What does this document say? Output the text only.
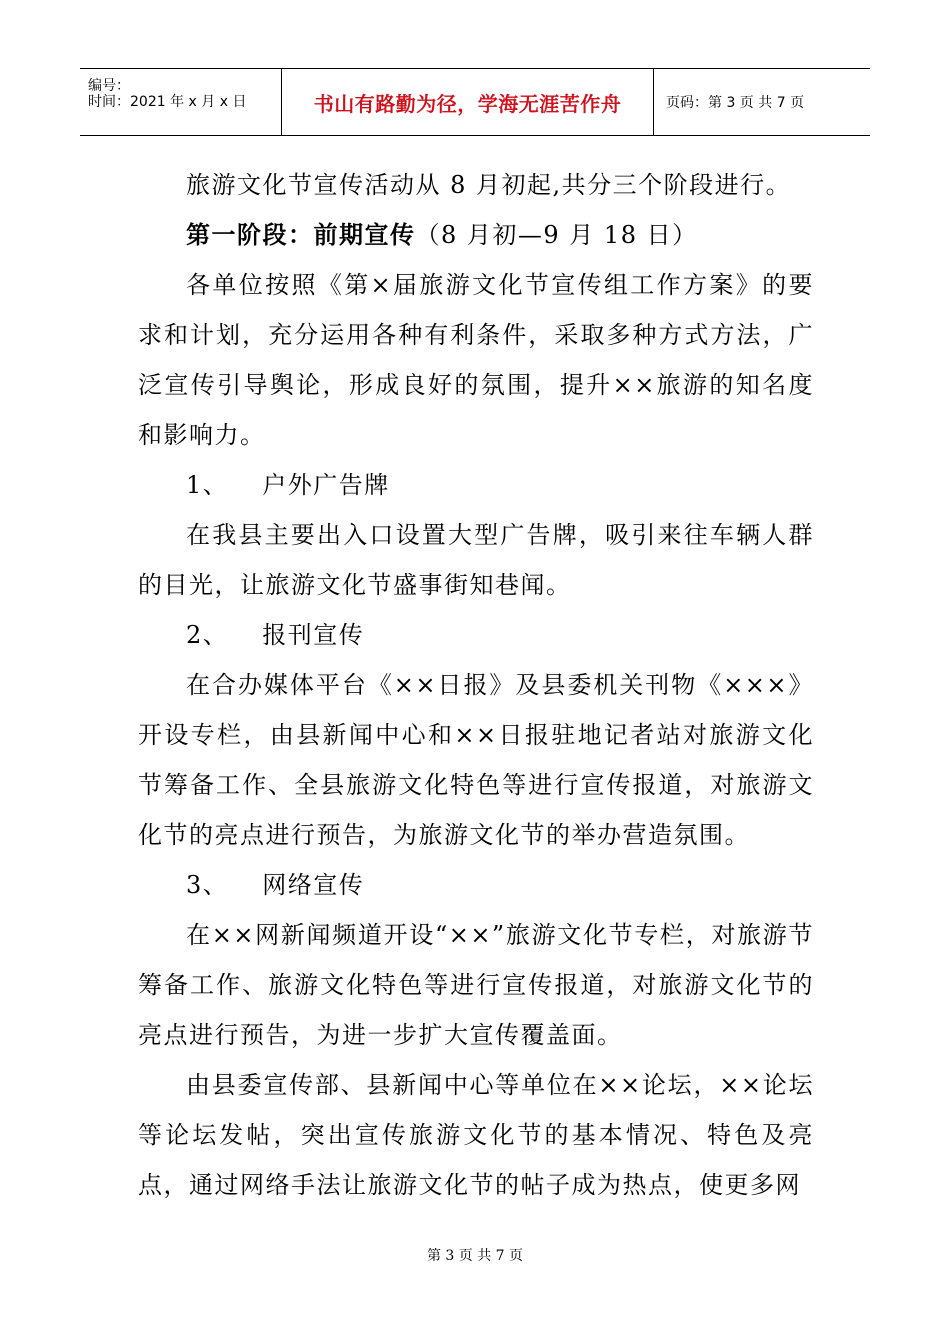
编号：
时间：2021 年 x 月 x 日	书山有路勤为径，学海无涯苦作舟	页码：第 3 页 共 7 页

旅游文化节宣传活动从 8 月初起,共分三个阶段进行。

第一阶段：前期宣传（8 月初—9 月 18 日）

各单位按照《第×届旅游文化节宣传组工作方案》的要求和计划，充分运用各种有利条件，采取多种方式方法，广泛宣传引导舆论，形成良好的氛围，提升××旅游的知名度和影响力。

1、 户外广告牌

在我县主要出入口设置大型广告牌，吸引来往车辆人群的目光，让旅游文化节盛事街知巷闻。

2、 报刊宣传

在合办媒体平台《××日报》及县委机关刊物《×××》开设专栏，由县新闻中心和××日报驻地记者站对旅游文化节筹备工作、全县旅游文化特色等进行宣传报道，对旅游文化节的亮点进行预告，为旅游文化节的举办营造氛围。

3、 网络宣传

在××网新闻频道开设“××”旅游文化节专栏，对旅游节筹备工作、旅游文化特色等进行宣传报道，对旅游文化节的亮点进行预告，为进一步扩大宣传覆盖面。

由县委宣传部、县新闻中心等单位在××论坛，××论坛等论坛发帖，突出宣传旅游文化节的基本情况、特色及亮点，通过网络手法让旅游文化节的帖子成为热点，使更多网

第 3 页 共 7 页
